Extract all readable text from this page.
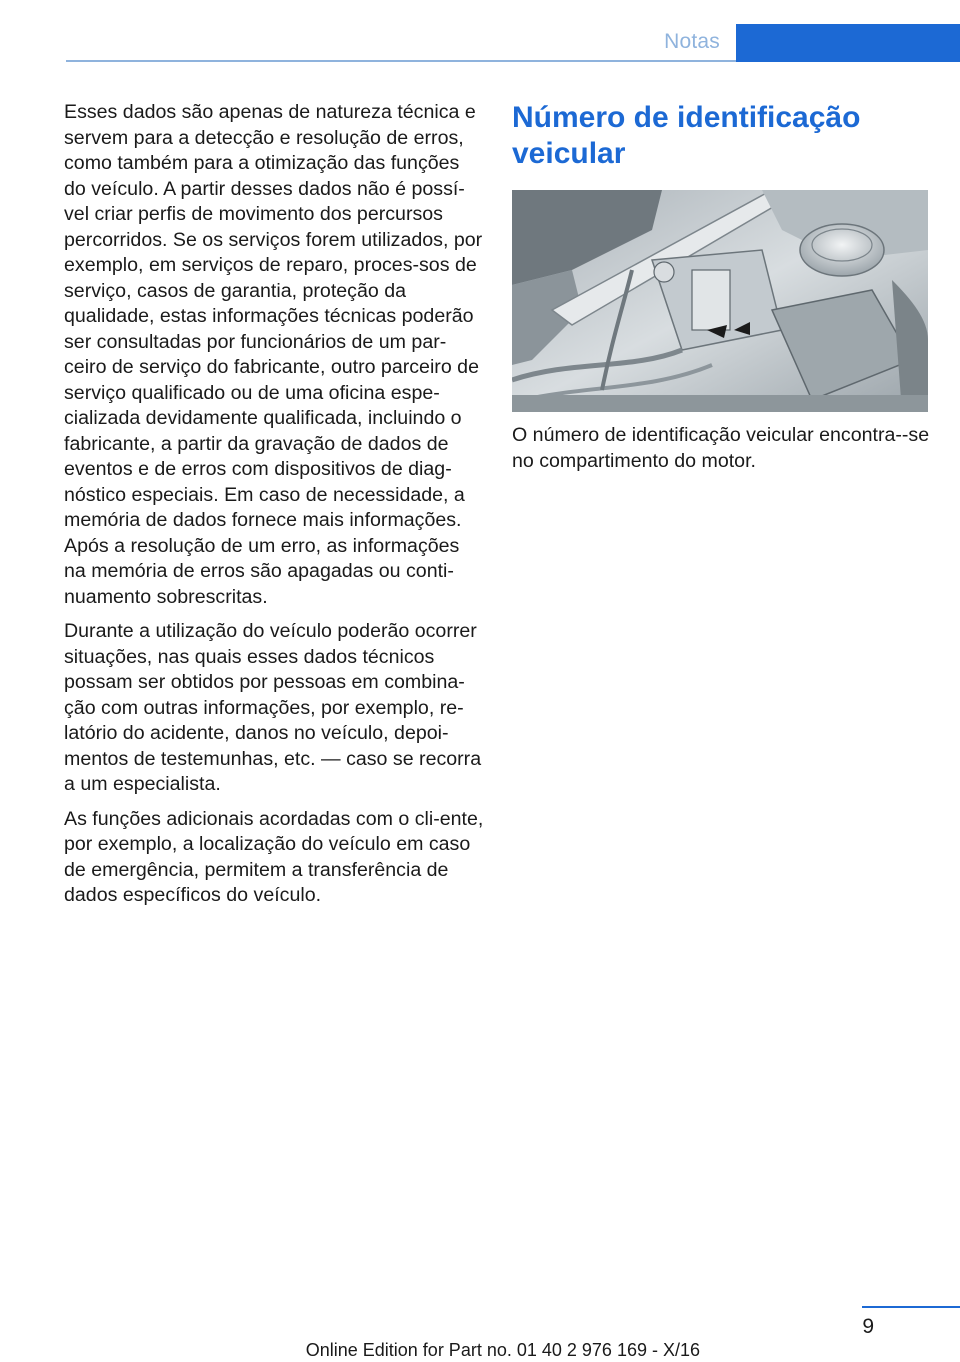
Notas

Esses dados são apenas de natureza técnica e servem para a detecção e resolução de erros, como também para a otimização das funções do veículo. A partir desses dados não é possí-vel criar perfis de movimento dos percursos percorridos. Se os serviços forem utilizados, por exemplo, em serviços de reparo, proces-sos de serviço, casos de garantia, proteção da qualidade, estas informações técnicas poderão ser consultadas por funcionários de um par-ceiro de serviço do fabricante, outro parceiro de serviço qualificado ou de uma oficina espe-cializada devidamente qualificada, incluindo o fabricante, a partir da gravação de dados de eventos e de erros com dispositivos de diag-nóstico especiais. Em caso de necessidade, a memória de dados fornece mais informações. Após a resolução de um erro, as informações na memória de erros são apagadas ou conti-nuamento sobrescritas.

Durante a utilização do veículo poderão ocorrer situações, nas quais esses dados técnicos possam ser obtidos por pessoas em combina-ção com outras informações, por exemplo, re-latório do acidente, danos no veículo, depoi-mentos de testemunhas, etc. — caso se recorra a um especialista.

As funções adicionais acordadas com o cli-ente, por exemplo, a localização do veículo em caso de emergência, permitem a transferência de dados específicos do veículo.

Número de identificação veicular

O número de identificação veicular encontra--se no compartimento do motor.

9
Online Edition for Part no. 01 40 2 976 169 - X/16
